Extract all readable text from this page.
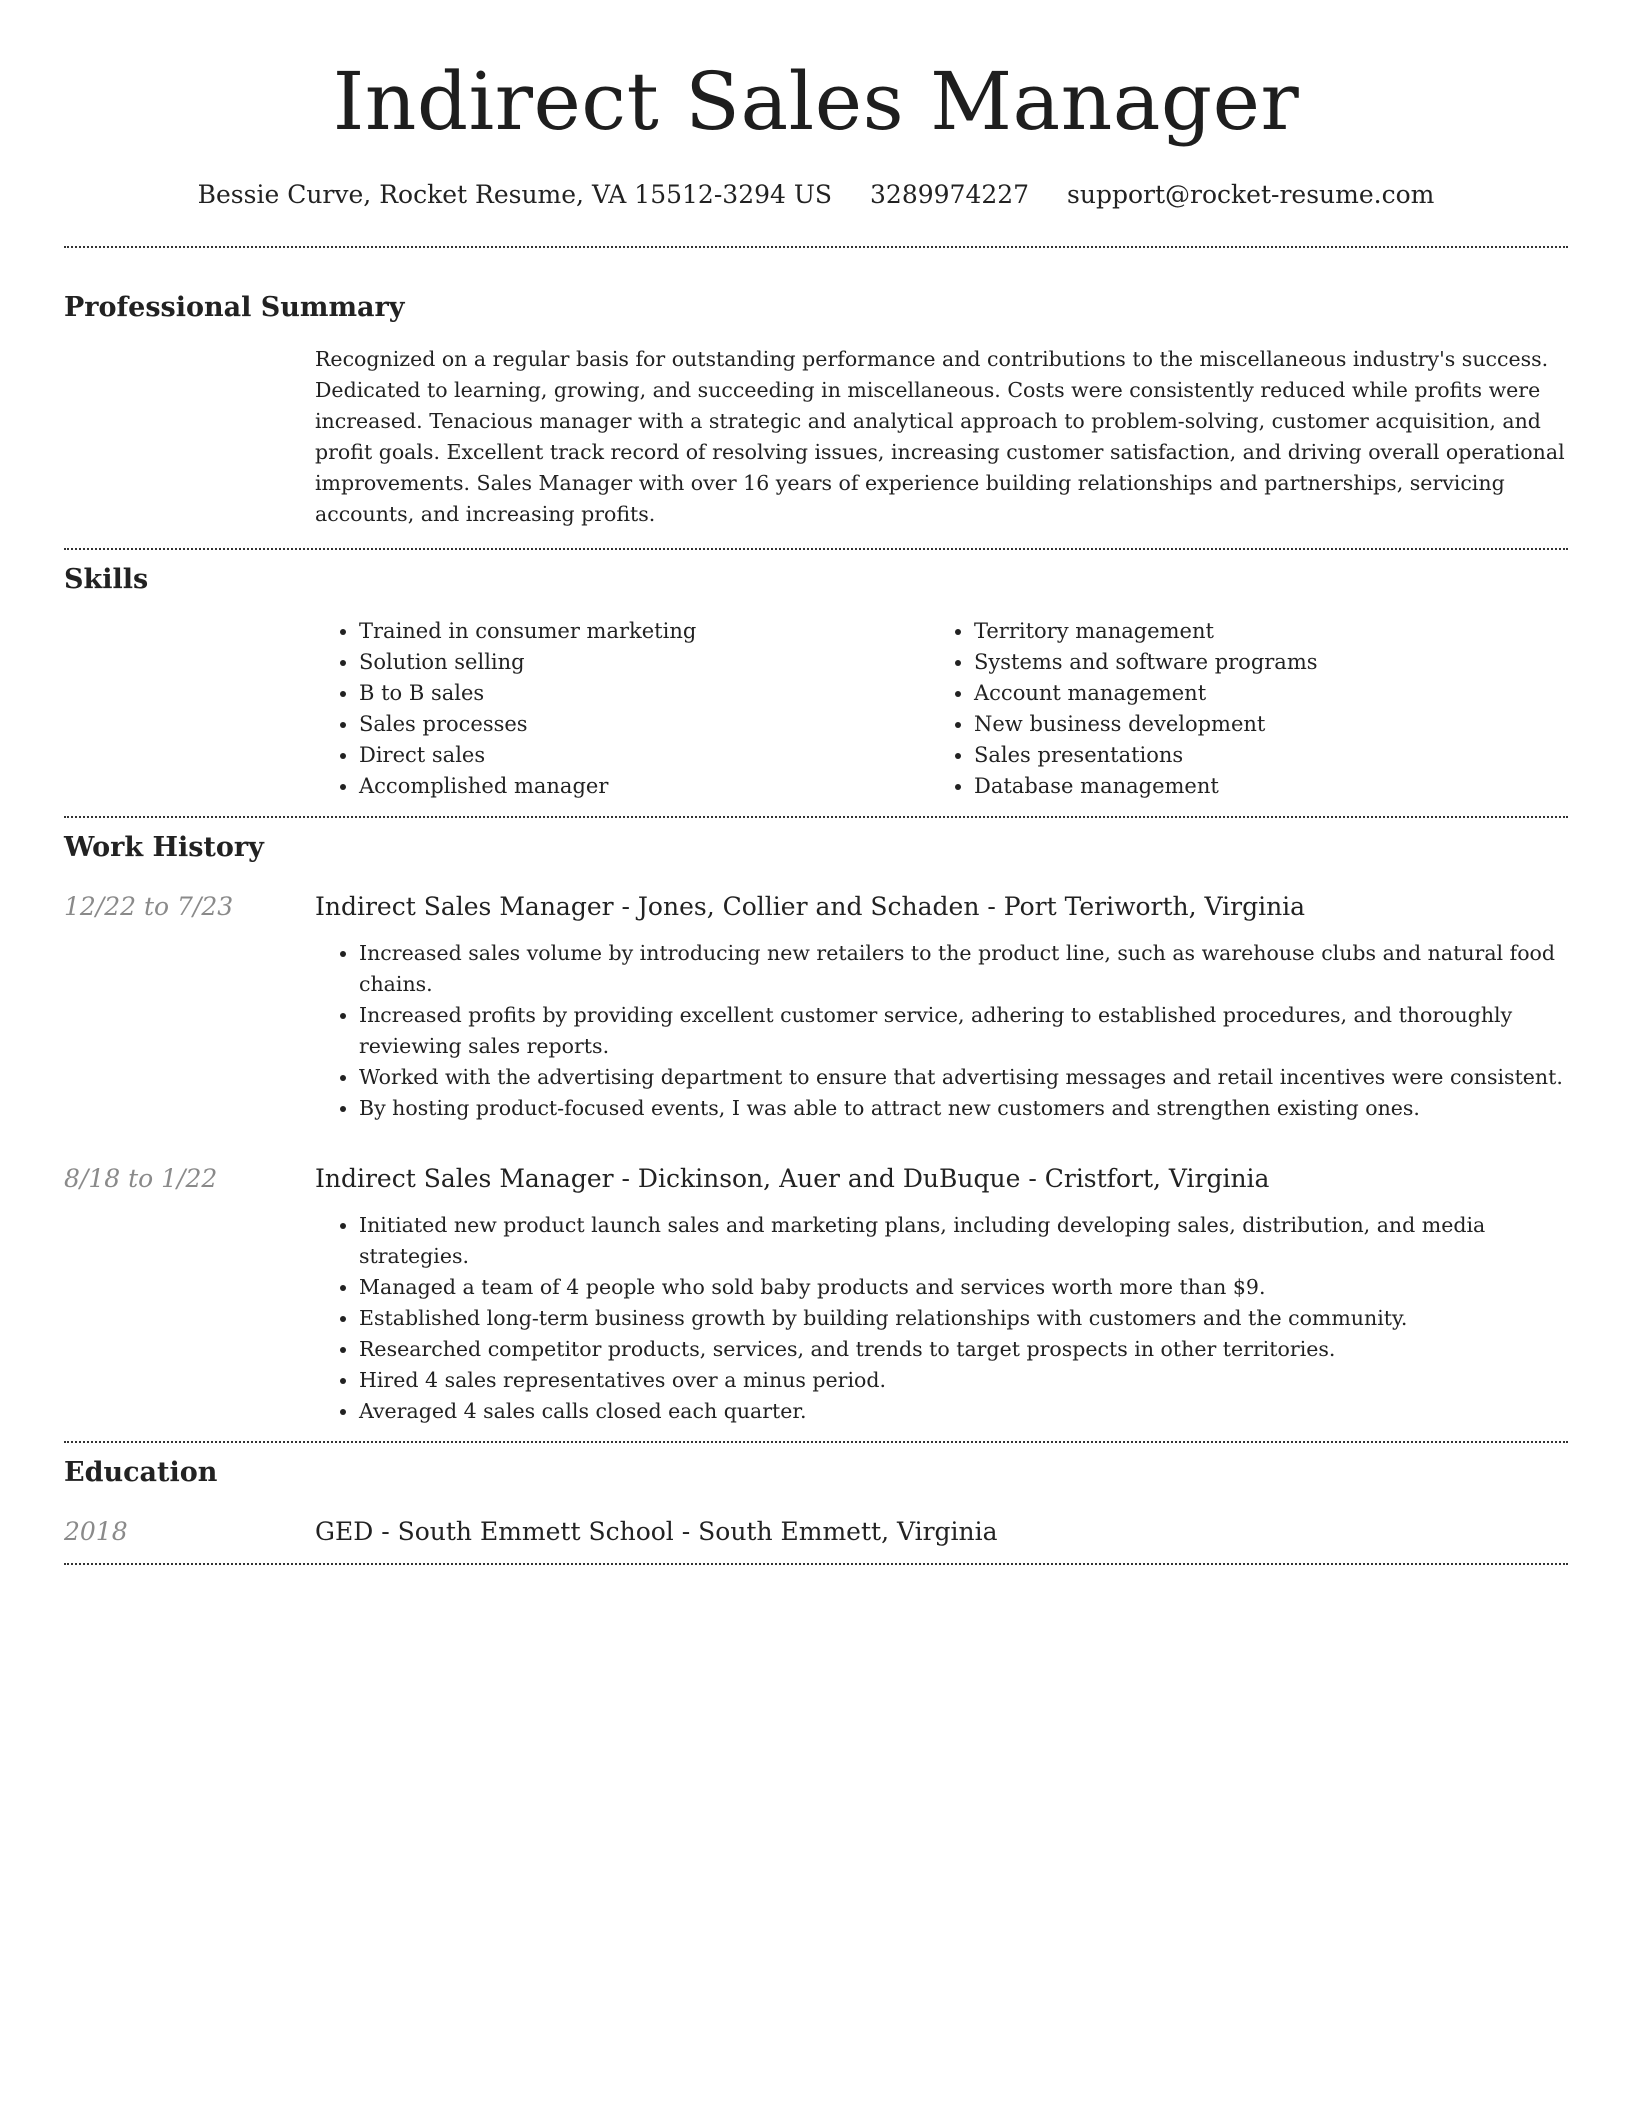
Indirect Sales Manager
Bessie Curve, Rocket Resume, VA 15512-3294 US 3289974227 support@rocket-resume.com
Professional Summary

Recognized on a regular basis for outstanding performance and contributions to the miscellaneous industry's success. Dedicated to learning, growing, and succeeding in miscellaneous. Costs were consistently reduced while profits were increased. Tenacious manager with a strategic and analytical approach to problem-solving, customer acquisition, and profit goals. Excellent track record of resolving issues, increasing customer satisfaction, and driving overall operational improvements. Sales Manager with over 16 years of experience building relationships and partnerships, servicing accounts, and increasing profits.

Skills
• Trained in consumer marketing
• Solution selling
• B to B sales
• Sales processes
• Direct sales
• Accomplished manager
• Territory management
• Systems and software programs
• Account management
• New business development
• Sales presentations
• Database management
Work History
12/22 to 7/23	Indirect Sales Manager - Jones, Collier and Schaden - Port Teriworth, Virginia
• Increased sales volume by introducing new retailers to the product line, such as warehouse clubs and natural food chains.
• Increased profits by providing excellent customer service, adhering to established procedures, and thoroughly reviewing sales reports.
• Worked with the advertising department to ensure that advertising messages and retail incentives were consistent.
• By hosting product-focused events, I was able to attract new customers and strengthen existing ones.
8/18 to 1/22	Indirect Sales Manager - Dickinson, Auer and DuBuque - Cristfort, Virginia
• Initiated new product launch sales and marketing plans, including developing sales, distribution, and media strategies.
• Managed a team of 4 people who sold baby products and services worth more than $9.
• Established long-term business growth by building relationships with customers and the community.
• Researched competitor products, services, and trends to target prospects in other territories.
• Hired 4 sales representatives over a minus period.
• Averaged 4 sales calls closed each quarter.
Education
2018	GED - South Emmett School - South Emmett, Virginia
